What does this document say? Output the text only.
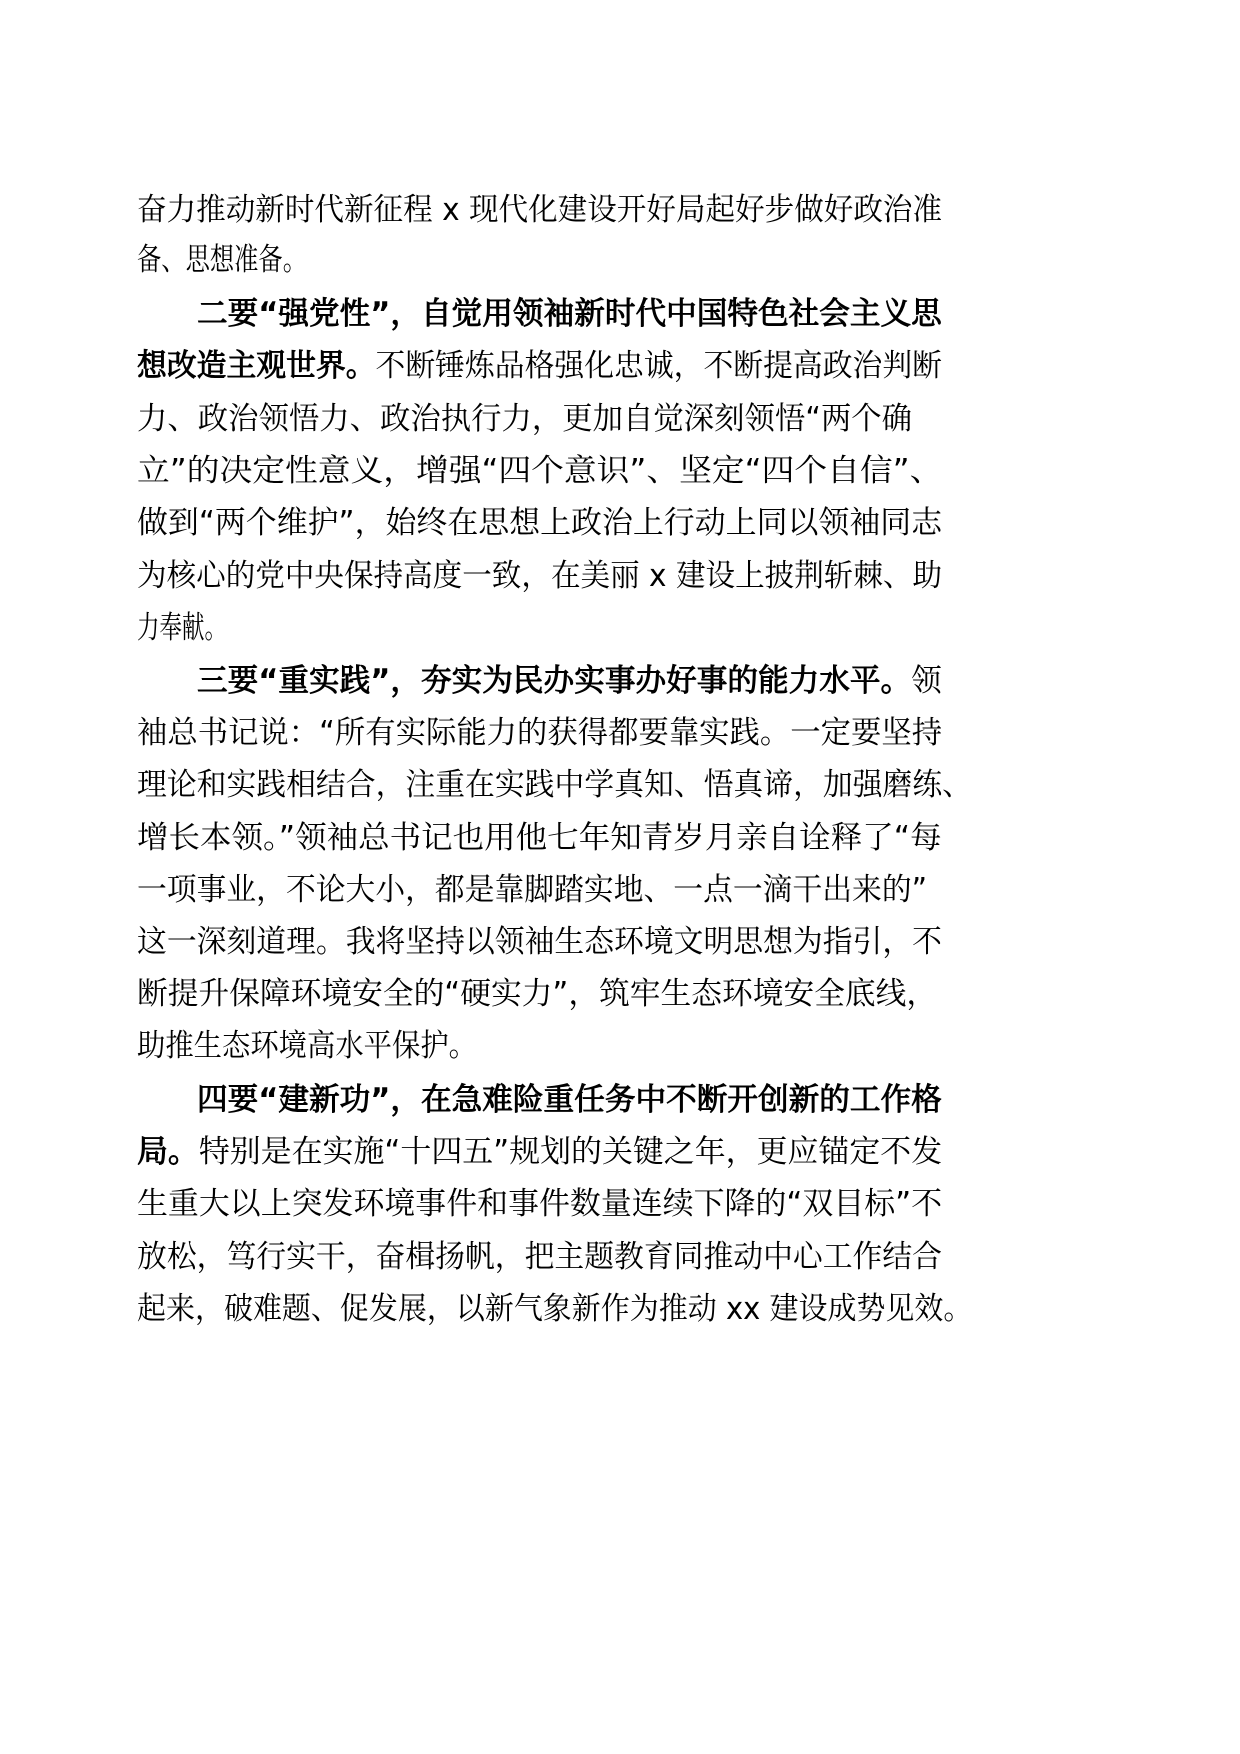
奋力推动新时代新征程 x 现代化建设开好局起好步做好政治准
备、思想准备。
二要“强党性”，自觉用领袖新时代中国特色社会主义思
想改造主观世界。不断锤炼品格强化忠诚，不断提高政治判断
力、政治领悟力、政治执行力，更加自觉深刻领悟“两个确
立”的决定性意义，增强“四个意识”、坚定“四个自信”、
做到“两个维护”，始终在思想上政治上行动上同以领袖同志
为核心的党中央保持高度一致，在美丽 x 建设上披荆斩棘、助
力奉献。
三要“重实践”，夯实为民办实事办好事的能力水平。领
袖总书记说：“所有实际能力的获得都要靠实践。一定要坚持
理论和实践相结合，注重在实践中学真知、悟真谛，加强磨练、
增长本领。”领袖总书记也用他七年知青岁月亲自诠释了“每
一项事业，不论大小，都是靠脚踏实地、一点一滴干出来的”
这一深刻道理。我将坚持以领袖生态环境文明思想为指引，不
断提升保障环境安全的“硬实力”，筑牢生态环境安全底线，
助推生态环境高水平保护。
四要“建新功”，在急难险重任务中不断开创新的工作格
局。特别是在实施“十四五”规划的关键之年，更应锚定不发
生重大以上突发环境事件和事件数量连续下降的“双目标”不
放松，笃行实干，奋楫扬帆，把主题教育同推动中心工作结合
起来，破难题、促发展，以新气象新作为推动 xx 建设成势见效。
